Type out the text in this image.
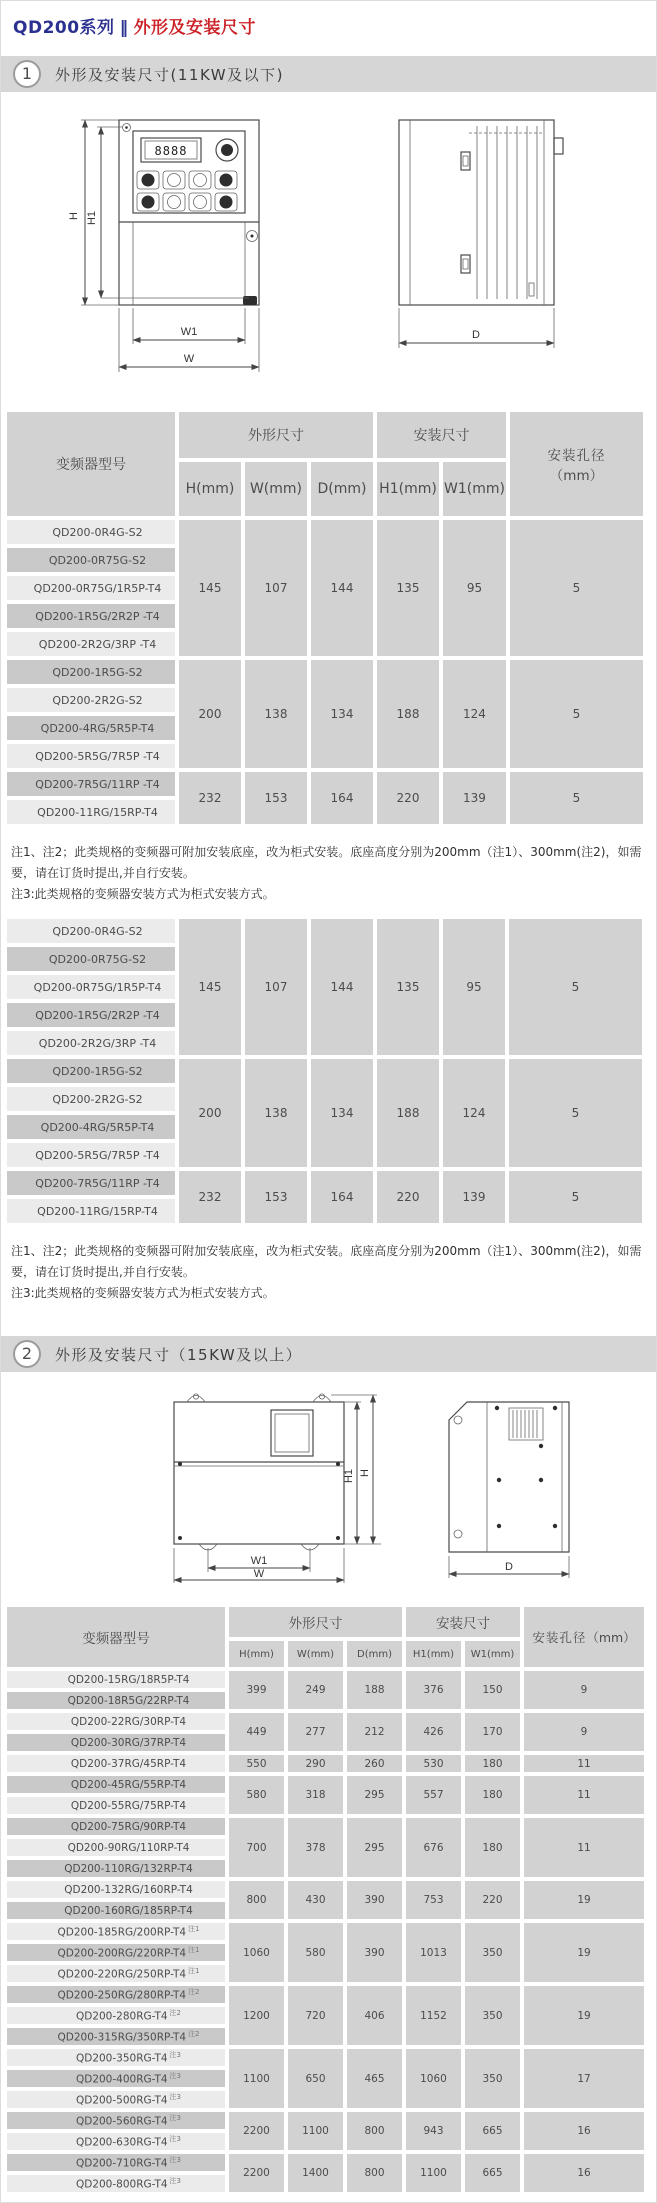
QD200系列 ‖ 外形及安装尺寸
1	外形及安装尺寸(11KW及以下)
8888
H H1
W1
W
D
变频器型号	外形尺寸			安装尺寸		安装孔径
（mm）

	H(mm)	W(mm)	D(mm)	H1(mm)	W1(mm)	
QD200-0R4G-S2	145	107	144	135	95	5
QD200-0R75G-S2						
QD200-0R75G/1R5P-T4						
QD200-1R5G/2R2P -T4						
QD200-2R2G/3RP -T4						
QD200-1R5G-S2	200	138	134	188	124	5
QD200-2R2G-S2						
QD200-4RG/5R5P-T4						
QD200-5R5G/7R5P -T4						
QD200-7R5G/11RP -T4	232	153	164	220	139	5
QD200-11RG/15RP-T4						

注1、注2；此类规格的变频器可附加安装底座，改为柜式安装。底座高度分别为200mm（注1）、300mm(注2)，如需要，请在订货时提出,并自行安装。

注3:此类规格的变频器安装方式为柜式安装方式。

QD200-0R4G-S2	145	107	144	135	95	5
QD200-0R75G-S2						
QD200-0R75G/1R5P-T4						
QD200-1R5G/2R2P -T4						
QD200-2R2G/3RP -T4						
QD200-1R5G-S2	200	138	134	188	124	5
QD200-2R2G-S2						
QD200-4RG/5R5P-T4						
QD200-5R5G/7R5P -T4						
QD200-7R5G/11RP -T4	232	153	164	220	139	5
QD200-11RG/15RP-T4						

注1、注2；此类规格的变频器可附加安装底座，改为柜式安装。底座高度分别为200mm（注1）、300mm(注2)，如需要，请在订货时提出,并自行安装。

注3:此类规格的变频器安装方式为柜式安装方式。

2	外形及安装尺寸（15KW及以上）
H1 H
W1
W
D
变频器型号	外形尺寸			安装尺寸		安装孔径（mm）
	H(mm)	W(mm)	D(mm)	H1(mm)	W1(mm)	
QD200-15RG/18R5P-T4	399	249	188	376	150	9
QD200-18R5G/22RP-T4						
QD200-22RG/30RP-T4	449	277	212	426	170	9
QD200-30RG/37RP-T4						
QD200-37RG/45RP-T4	550	290	260	530	180	11
QD200-45RG/55RP-T4	580	318	295	557	180	11
QD200-55RG/75RP-T4						
QD200-75RG/90RP-T4	700	378	295	676	180	11
QD200-90RG/110RP-T4						
QD200-110RG/132RP-T4						
QD200-132RG/160RP-T4	800	430	390	753	220	19
QD200-160RG/185RP-T4						
QD200-185RG/200RP-T4 $^{注1}$	1060	580	390	1013	350	19
QD200-200RG/220RP-T4 $^{注1}$
QD200-220RG/250RP-T4 $^{注1}$
QD200-250RG/280RP-T4 $^{注2}$	1200	720	406	1152	350	19
QD200-280RG-T4 $^{注2}$
QD200-315RG/350RP-T4 $^{注2}$
QD200-350RG-T4 $^{注3}$	1100	650	465	1060	350	17
QD200-400RG-T4 $^{注3}$
QD200-500RG-T4 $^{注3}$
QD200-560RG-T4 $^{注3}$	2200	1100	800	943	665	16
QD200-630RG-T4 $^{注3}$
QD200-710RG-T4 $^{注3}$	2200	1400	800	1100	665	16
QD200-800RG-T4 $^{注3}$
